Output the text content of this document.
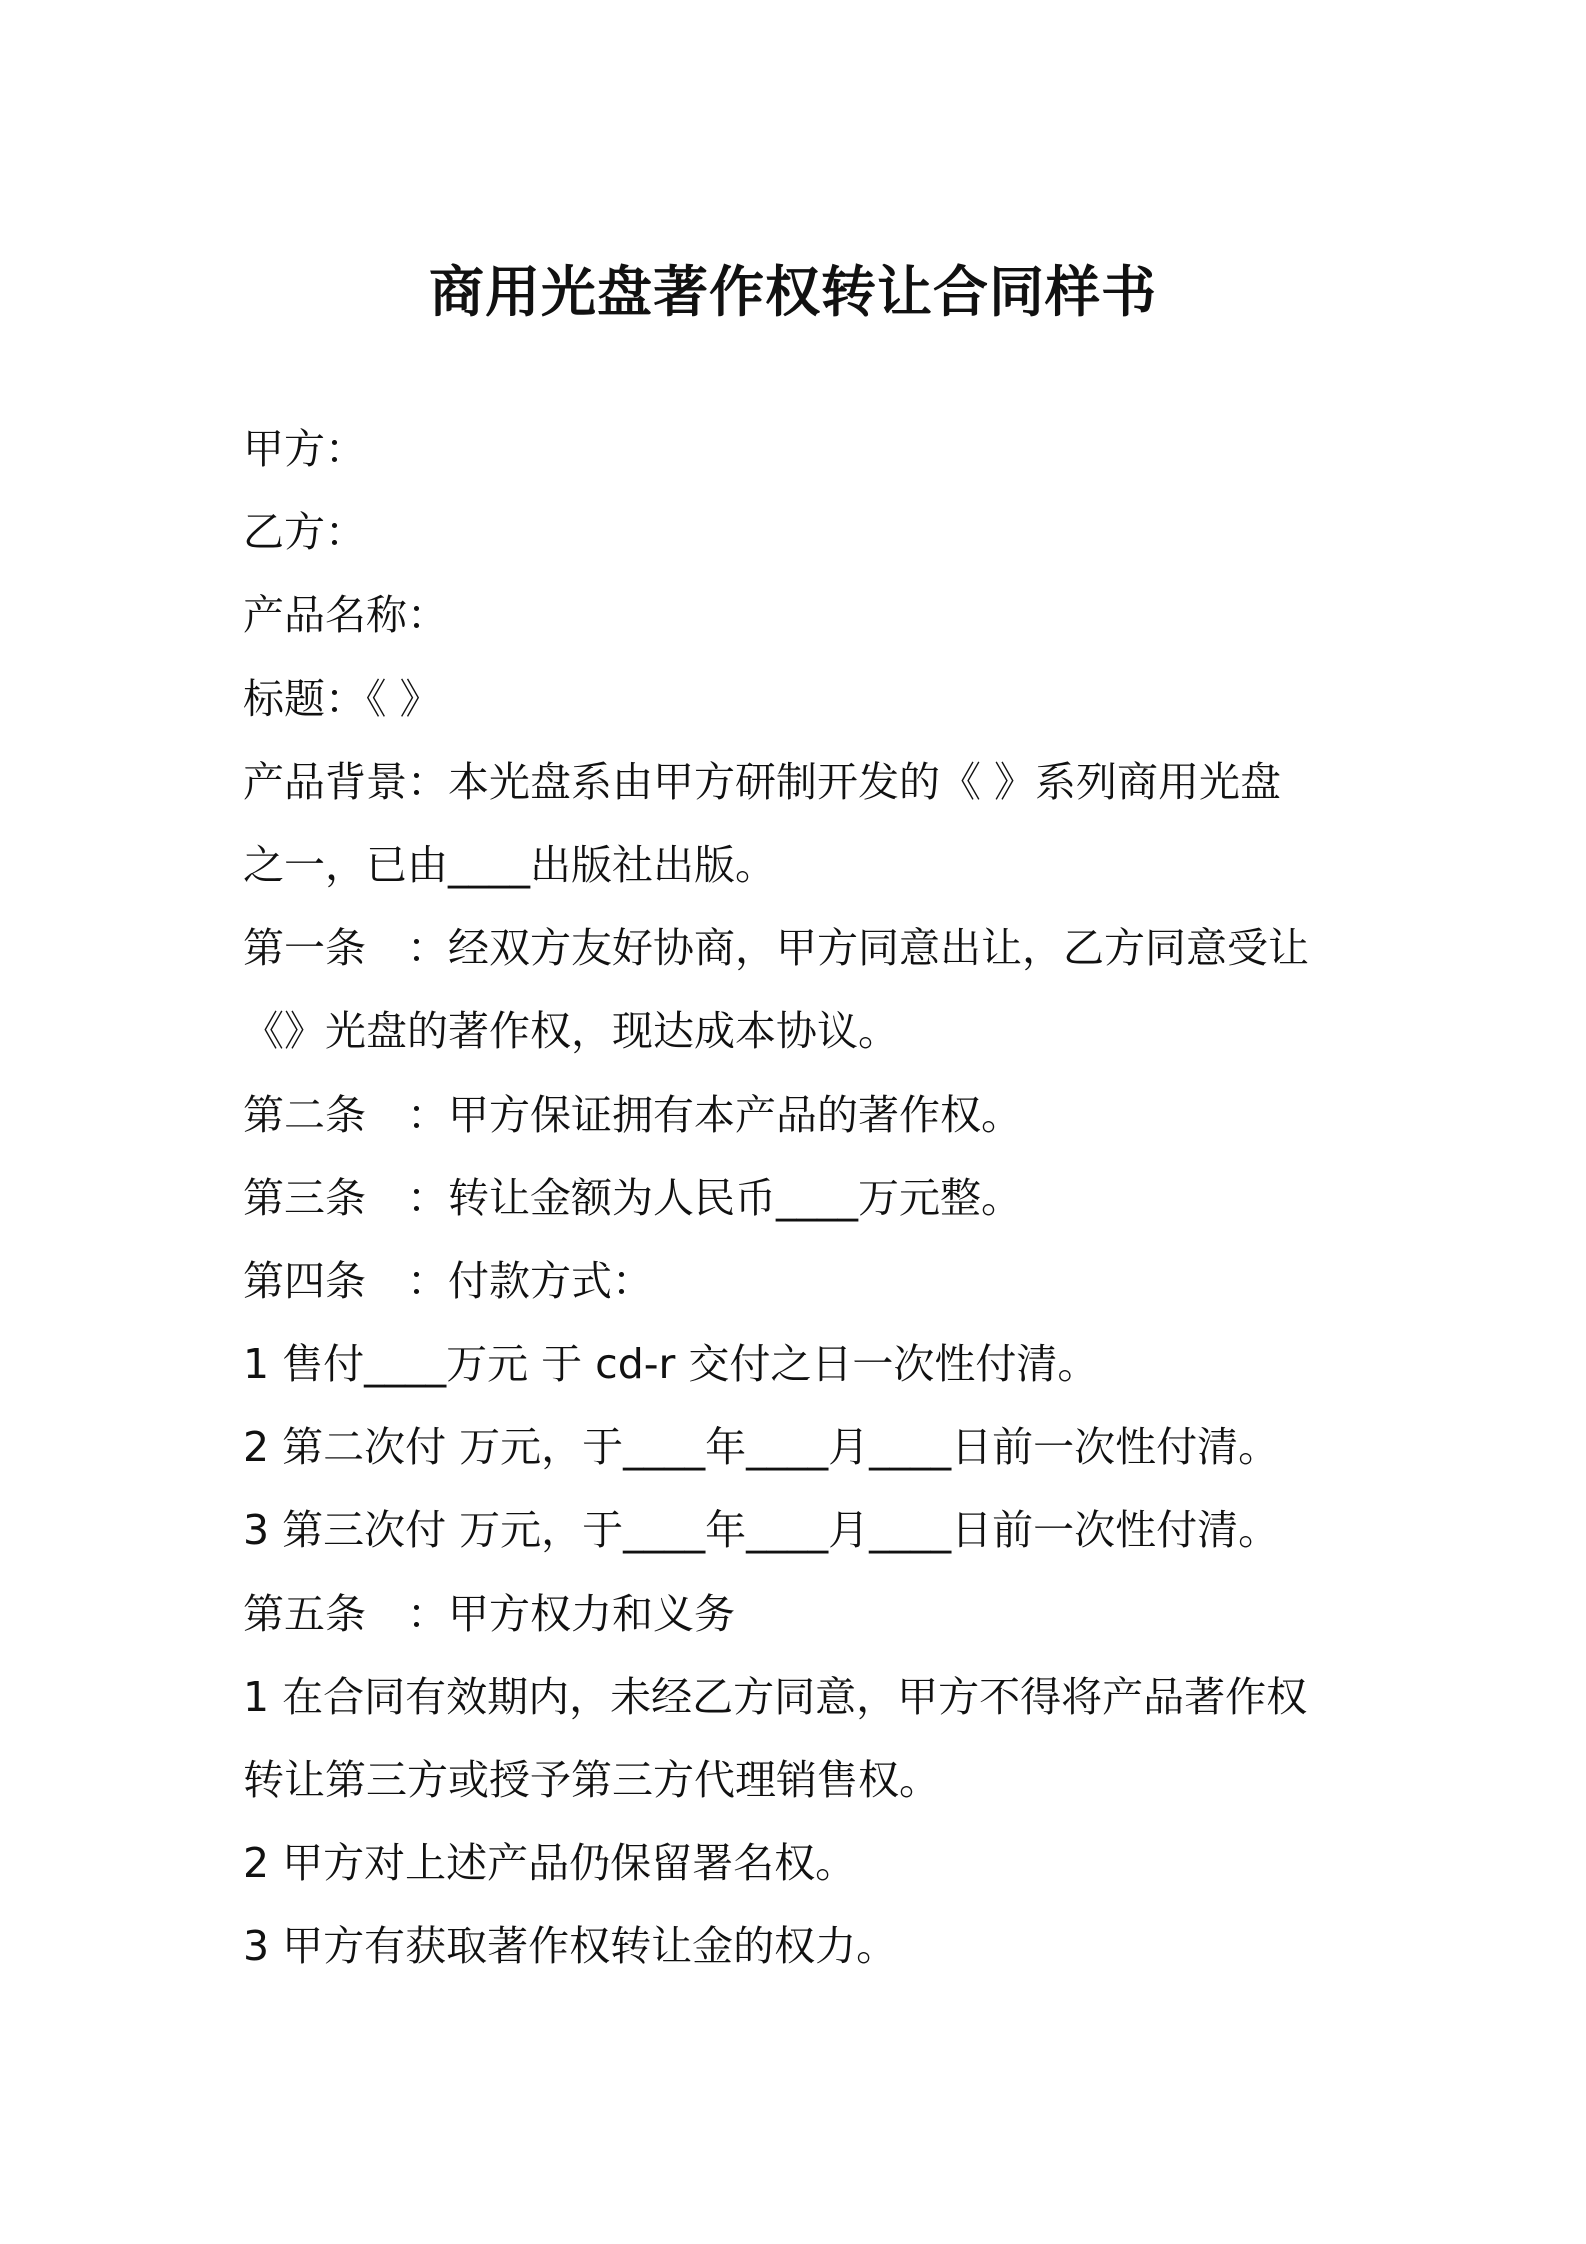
商用光盘著作权转让合同样书
甲方：
乙方：
产品名称：
标题：《 》
产品背景：本光盘系由甲方研制开发的《 》系列商用光盘
之一，已由____出版社出版。
第一条　：经双方友好协商，甲方同意出让，乙方同意受让
《》光盘的著作权，现达成本协议。
第二条　：甲方保证拥有本产品的著作权。
第三条　：转让金额为人民币____万元整。
第四条　：付款方式：
1 售付____万元 于 cd-r 交付之日一次性付清。
2 第二次付 万元，于____年____月____日前一次性付清。
3 第三次付 万元，于____年____月____日前一次性付清。
第五条　：甲方权力和义务
1 在合同有效期内，未经乙方同意，甲方不得将产品著作权
转让第三方或授予第三方代理销售权。
2 甲方对上述产品仍保留署名权。
3 甲方有获取著作权转让金的权力。
